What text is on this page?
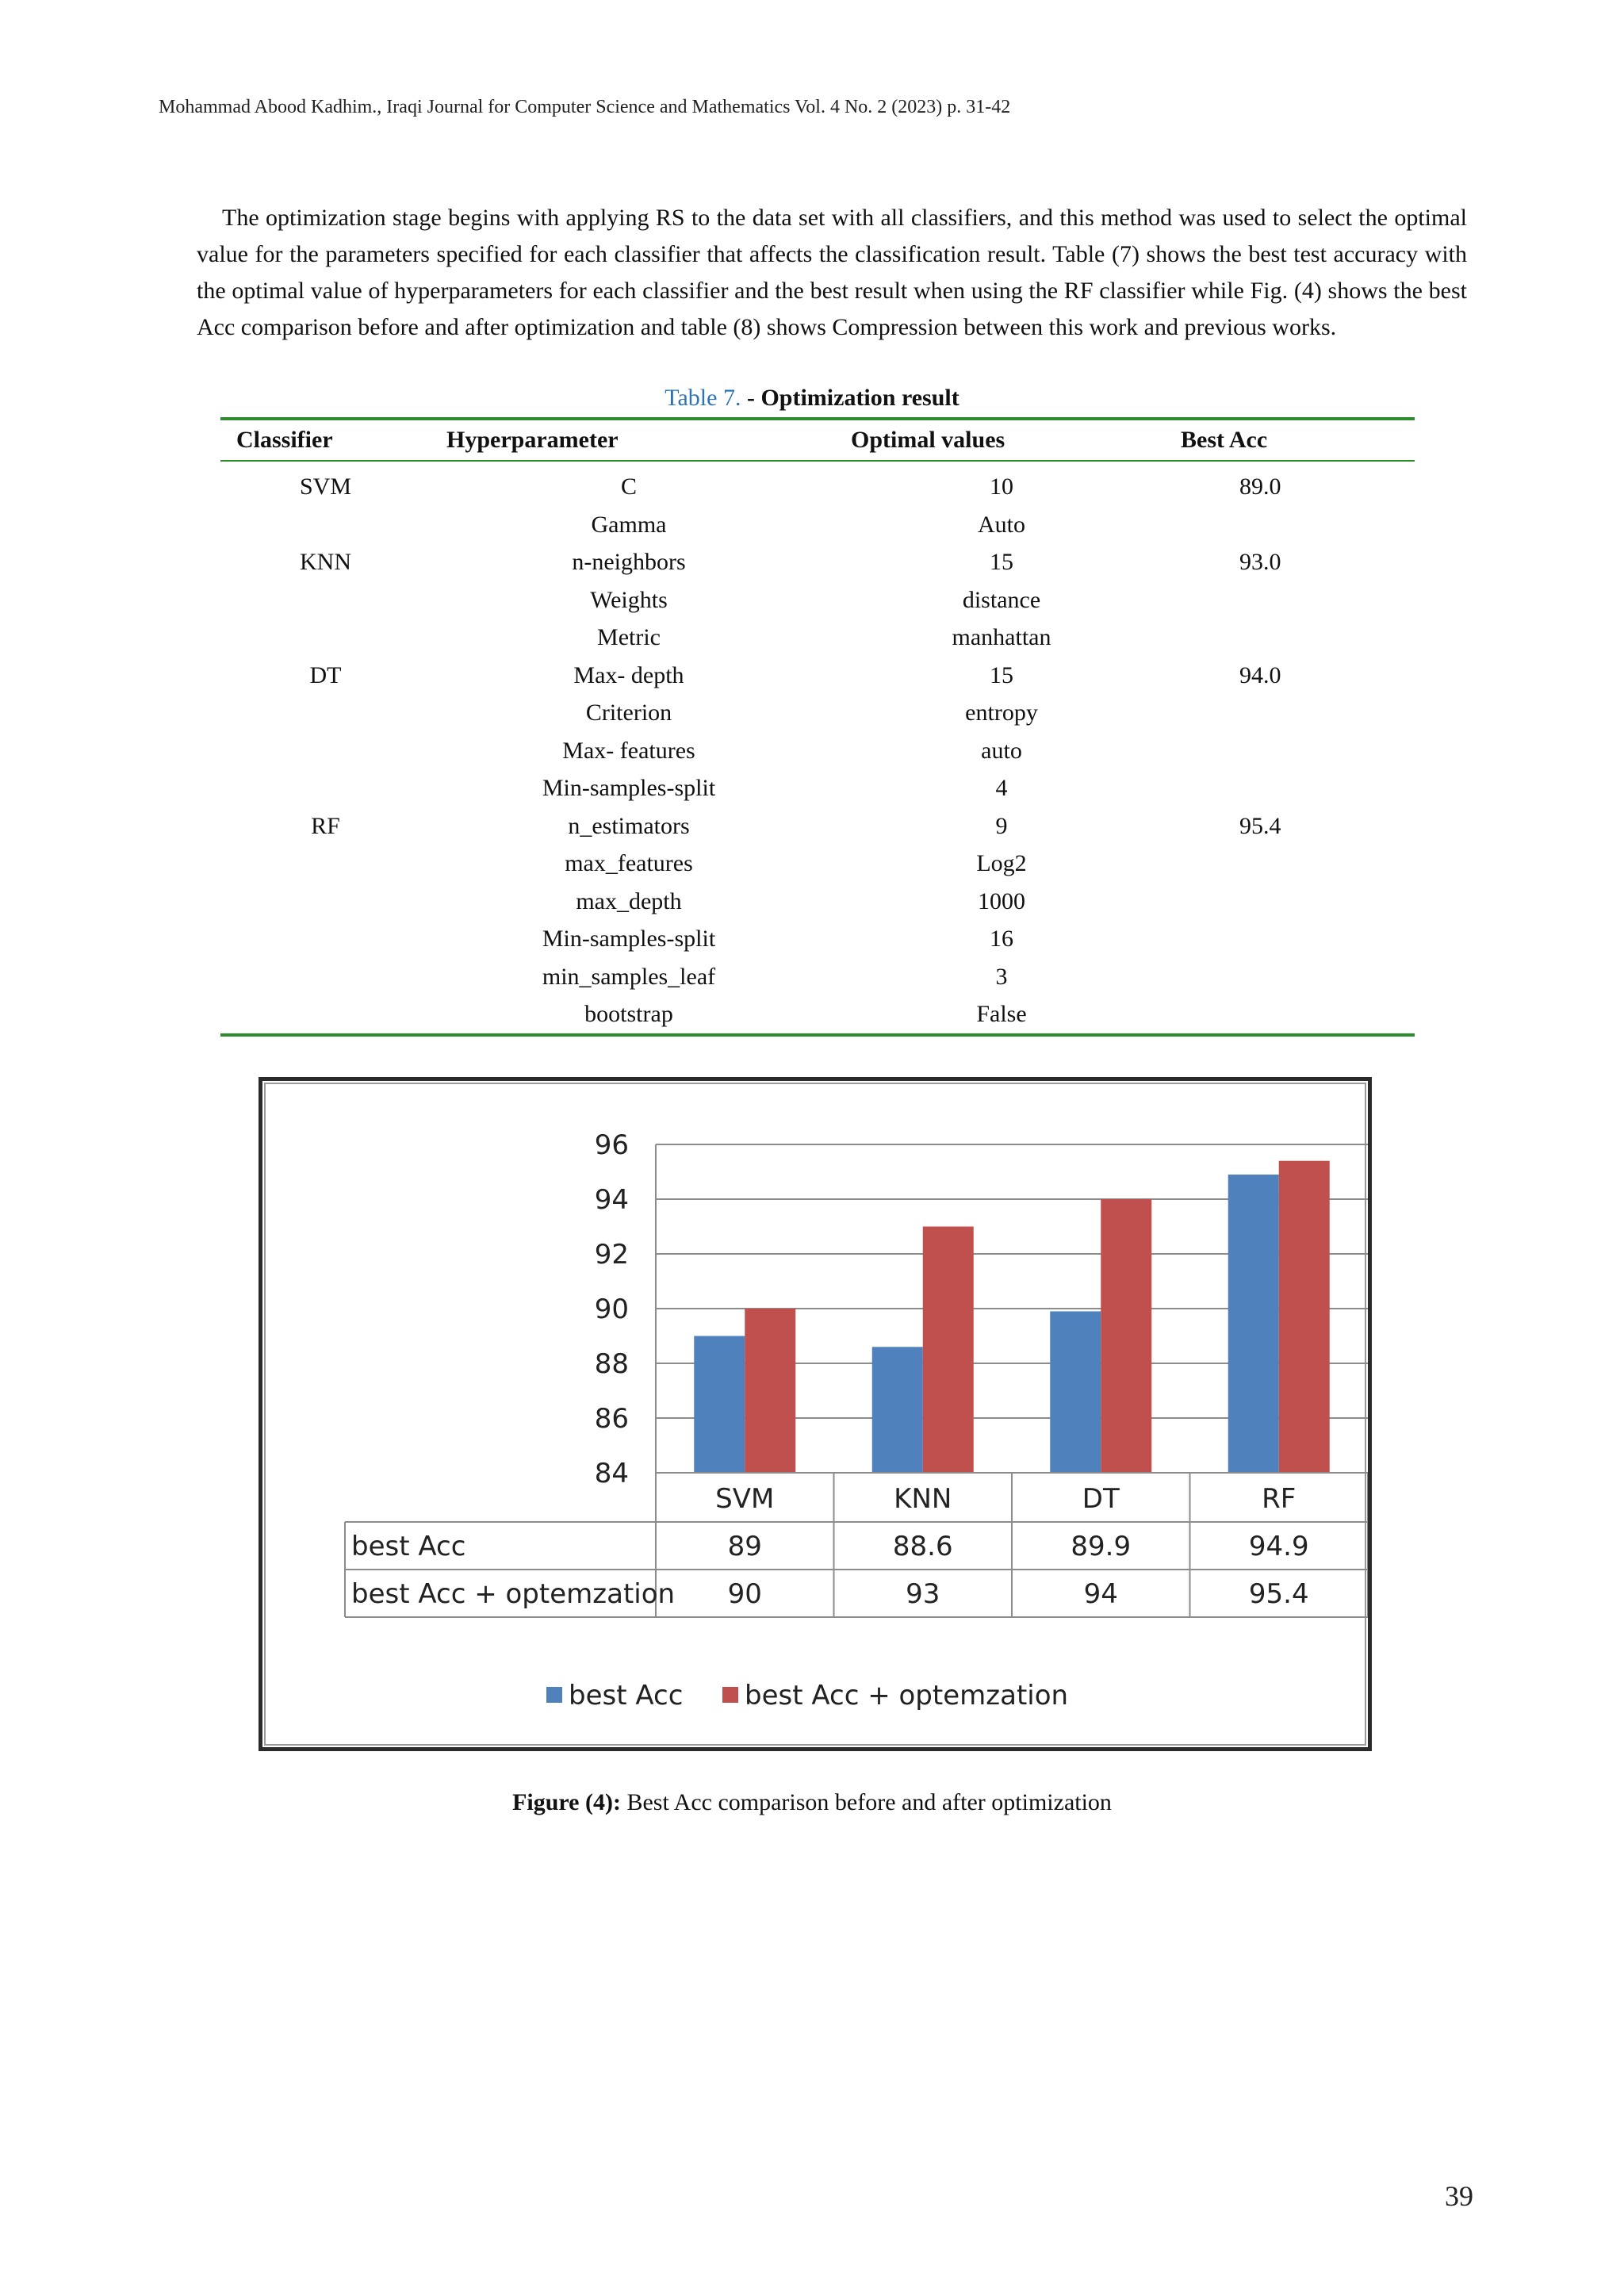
Mohammad Abood Kadhim., Iraqi Journal for Computer Science and Mathematics Vol. 4 No. 2 (2023) p. 31-42
The optimization stage begins with applying RS to the data set with all classifiers, and this method was used to select the optimal value for the parameters specified for each classifier that affects the classification result. Table (7) shows the best test accuracy with the optimal value of hyperparameters for each classifier and the best result when using the RF classifier while Fig. (4) shows the best Acc comparison before and after optimization and table (8) shows Compression between this work and previous works.
Table 7. - Optimization result
Classifier	Hyperparameter	Optimal values	Best Acc
SVM	C	10	89.0
	Gamma	Auto	
KNN	n-neighbors	15	93.0
	Weights	distance	
	Metric	manhattan	
DT	Max- depth	15	94.0
	Criterion	entropy	
	Max- features	auto	
	Min-samples-split	4	
RF	n_estimators	9	95.4
	max_features	Log2	
	max_depth	1000	
	Min-samples-split	16	
	min_samples_leaf	3	
	bootstrap	False	
84
86
88
90
92
94
96
SVM	KNN	DT	RF
best Acc	89	88.6	89.9	94.9
best Acc + optemzation 90	93	94	95.4
best Acc best Acc + optemzation
Figure (4): Best Acc comparison before and after optimization
39
